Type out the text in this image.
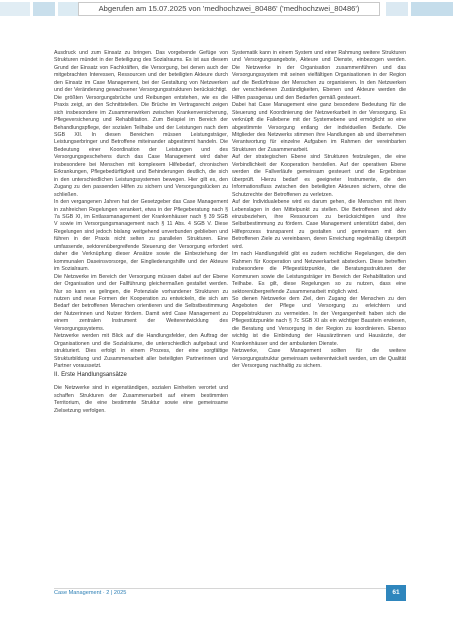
Abgerufen am 15.07.2025 von 'medhochzwei_80486' ('medhochzwei_80486')

Ausdruck und zum Einsatz zu bringen. Das vorgebende Gefüge von Strukturen mündet in der Beteiligung des Sozialraums. Es ist aus diesem Grund der Einsatz von Fachkräften, die Versorgung, bei denen auch der mitgebrachten Interessen, Ressourcen und der beteiligten Akteure durch den Einsatz im Case Management, bei der Gestaltung von Netzwerken und der Veränderung gewachsener Versorgungsstrukturen berücksichtigt.

Die größten Versorgungsbrüche und Reibungen entstehen, wie es die Praxis zeigt, an den Schnittstellen. Die Brüche im Vertragsrecht zeigen sich insbesondere im Zusammenwirken zwischen Krankenversicherung, Pflegeversicherung und Rehabilitation. Zum Beispiel im Bereich der Behandlungspflege, der sozialen Teilhabe und der Leistungen nach dem SGB XII. In diesen Bereichen müssen Leistungsträger, Leistungserbringer und Betroffene miteinander abgestimmt handeln. Die Bedeutung einer Koordination der Leistungen und des Versorgungsgeschehens durch das Case Management wird daher insbesondere bei Menschen mit komplexem Hilfebedarf, chronischen Erkrankungen, Pflegebedürftigkeit und Behinderungen deutlich, die sich in den unterschiedlichen Leistungssystemen bewegen. Hier gilt es, den Zugang zu den passenden Hilfen zu sichern und Versorgungslücken zu schließen.

In den vergangenen Jahren hat der Gesetzgeber das Case Management in zahlreichen Regelungen verankert, etwa in der Pflegeberatung nach § 7a SGB XI, im Entlassmanagement der Krankenhäuser nach § 39 SGB V sowie im Versorgungsmanagement nach § 11 Abs. 4 SGB V. Diese Regelungen sind jedoch bislang weitgehend unverbunden geblieben und führen in der Praxis nicht selten zu parallelen Strukturen. Eine umfassende, sektorenübergreifende Steuerung der Versorgung erfordert daher die Verknüpfung dieser Ansätze sowie die Einbeziehung der kommunalen Daseinsvorsorge, der Eingliederungshilfe und der Akteure im Sozialraum.

Die Netzwerke im Bereich der Versorgung müssen dabei auf der Ebene der Organisation und der Fallführung gleichermaßen gestaltet werden. Nur so kann es gelingen, die Potenziale vorhandener Strukturen zu nutzen und neue Formen der Kooperation zu entwickeln, die sich am Bedarf der betroffenen Menschen orientieren und die Selbstbestimmung der Nutzerinnen und Nutzer fördern. Damit wird Case Management zu einem zentralen Instrument der Weiterentwicklung des Versorgungssystems.

Netzwerke werden mit Blick auf die Handlungsfelder, den Auftrag der Organisationen und die Sozialräume, die unterschiedlich aufgebaut und strukturiert. Dies erfolgt in einem Prozess, der eine sorgfältige Strukturbildung und Zusammenarbeit aller beteiligten Partnerinnen und Partner voraussetzt.

II. Erste Handlungsansätze

Die Netzwerke sind in eigenständigen, sozialen Einheiten verortet und schaffen Strukturen der Zusammenarbeit auf einem bestimmten Territorium, die eine bestimmte Struktur sowie eine gemeinsame Zielsetzung verfolgen.

Systematik kann in einem System und einer Rahmung weitere Strukturen und Versorgungsangebote, Akteure und Dienste, einbezogen werden. Die Netzwerke in der Organisation zusammenführen und das Versorgungssystem mit seinen vielfältigen Organisationen in der Region auf die Bedürfnisse der Menschen zu organisieren. In den Netzwerken der verschiedenen Zuständigkeiten, Ebenen und Akteure werden die Hilfen passgenau und den Bedarfen gemäß gesteuert.

Dabei hat Case Management eine ganz besondere Bedeutung für die Steuerung und Koordinierung der Netzwerkarbeit in der Versorgung. Es verknüpft die Fallebene mit der Systemebene und ermöglicht so eine abgestimmte Versorgung entlang der individuellen Bedarfe. Die Mitglieder des Netzwerks stimmen ihre Handlungen ab und übernehmen Verantwortung für einzelne Aufgaben im Rahmen der vereinbarten Strukturen der Zusammenarbeit.

Auf der strategischen Ebene sind Strukturen festzulegen, die eine Verbindlichkeit der Kooperation herstellen. Auf der operativen Ebene werden die Fallverläufe gemeinsam gesteuert und die Ergebnisse überprüft. Hierzu bedarf es geeigneter Instrumente, die den Informationsfluss zwischen den beteiligten Akteuren sichern, ohne die Schutzrechte der Betroffenen zu verletzen.

Auf der Individualebene wird es darum gehen, die Menschen mit ihren Lebenslagen in den Mittelpunkt zu stellen. Die Betroffenen sind aktiv einzubeziehen, ihre Ressourcen zu berücksichtigen und ihre Selbstbestimmung zu fördern. Case Management unterstützt dabei, den Hilfeprozess transparent zu gestalten und gemeinsam mit den Betroffenen Ziele zu vereinbaren, deren Erreichung regelmäßig überprüft wird.

Im nach Handlungsfeld gibt es zudem rechtliche Regelungen, die den Rahmen für Kooperation und Netzwerkarbeit abstecken. Diese betreffen insbesondere die Pflegestützpunkte, die Beratungsstrukturen der Kommunen sowie die Leistungsträger im Bereich der Rehabilitation und Teilhabe. Es gilt, diese Regelungen so zu nutzen, dass eine sektorenübergreifende Zusammenarbeit möglich wird.

So dienen Netzwerke dem Ziel, den Zugang der Menschen zu den Angeboten der Pflege und Versorgung zu erleichtern und Doppelstrukturen zu vermeiden. In der Vergangenheit haben sich die Pflegestützpunkte nach § 7c SGB XI als ein wichtiger Baustein erwiesen, die Beratung und Versorgung in der Region zu koordinieren. Ebenso wichtig ist die Einbindung der Hausärztinnen und Hausärzte, der Krankenhäuser und der ambulanten Dienste.

Netzwerke, Case Management sollten für die weitere Versorgungsstruktur gemeinsam weiterentwickelt werden, um die Qualität der Versorgung nachhaltig zu sichern.

Case Management · 2 | 2025	61
